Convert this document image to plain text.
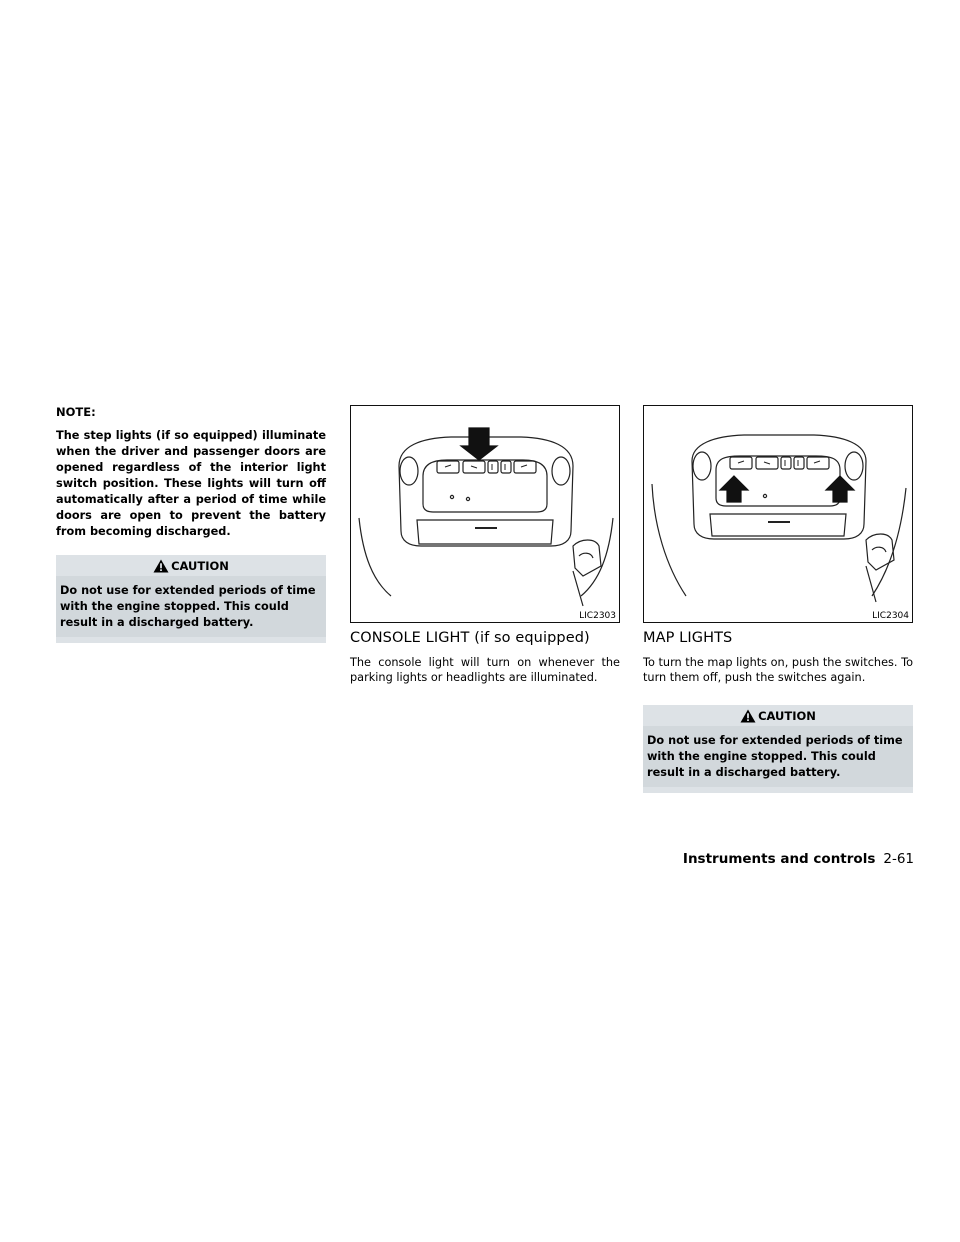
NOTE:

The step lights (if so equipped) illuminate when the driver and passenger doors are opened regardless of the interior light switch position. These lights will turn off automatically after a period of time while doors are open to prevent the battery from becoming discharged.

CAUTION

Do not use for extended periods of time with the engine stopped. This could result in a discharged battery.	LIC2303
CONSOLE LIGHT (if so equipped)

The console light will turn on whenever the parking lights or headlights are illuminated.

LIC2304
MAP LIGHTS

To turn the map lights on, push the switches. To turn them off, push the switches again.

CAUTION

Do not use for extended periods of time with the engine stopped. This could result in a discharged battery.

Instruments and controls 2-61
